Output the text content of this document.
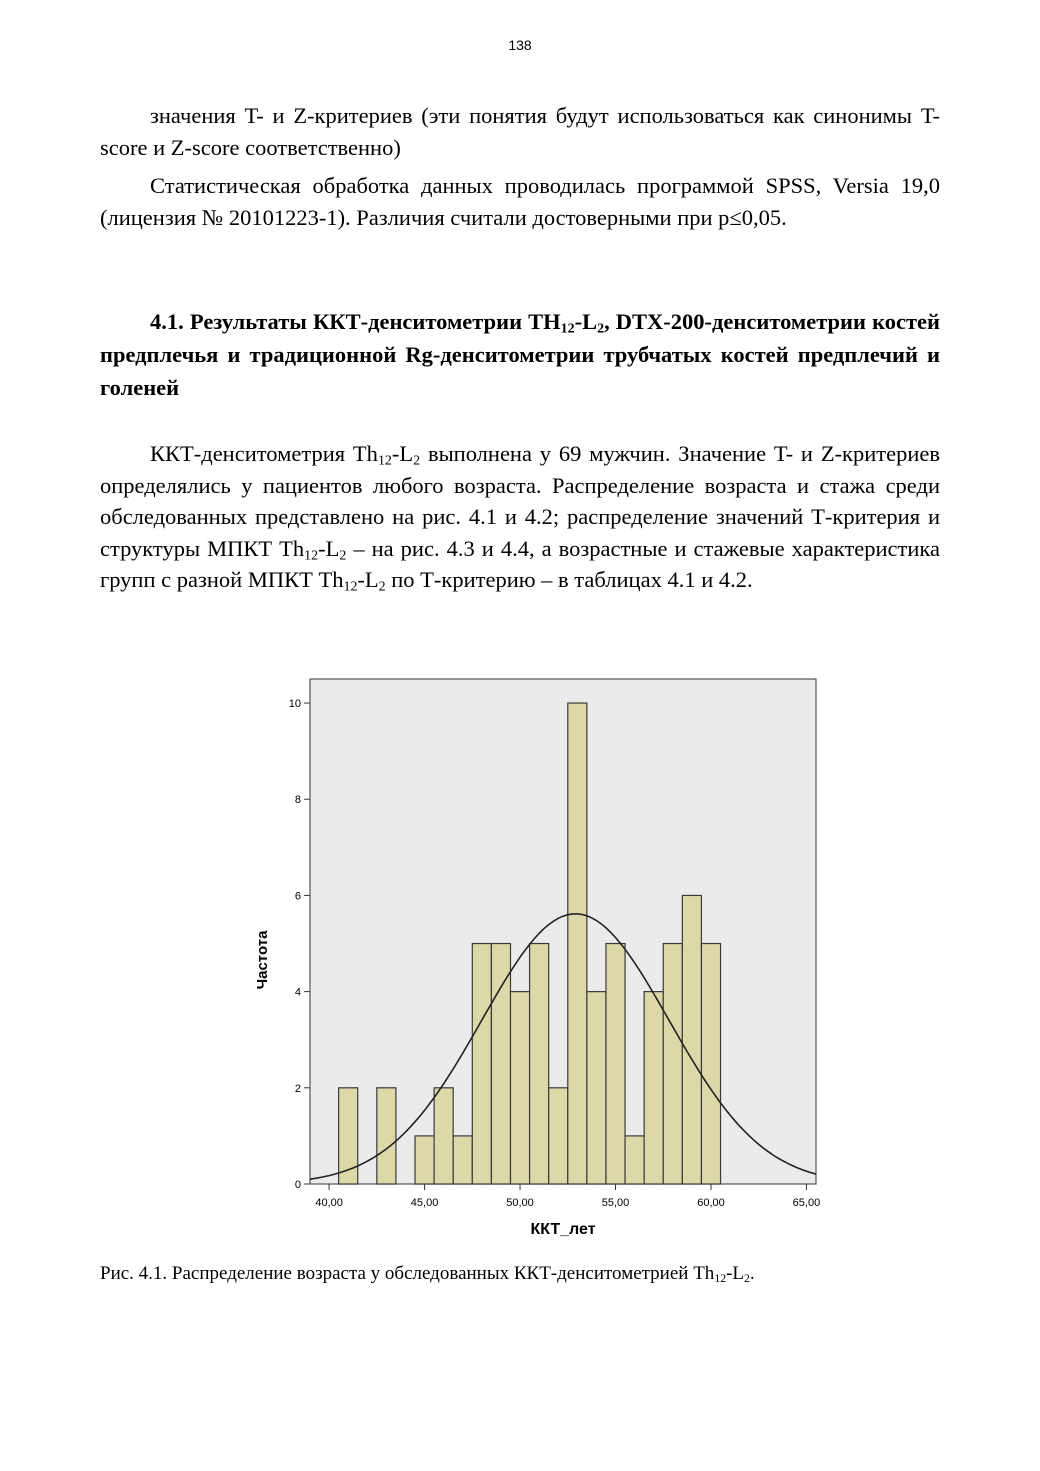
138

значения T- и Z-критериев (эти понятия будут использоваться как синонимы T-score и Z-score соответственно)

Статистическая обработка данных проводилась программой SPSS, Versia 19,0 (лицензия № 20101223-1). Различия считали достоверными при p≤0,05.

4.1. Результаты ККТ-денситометрии $TH_{12}-L_2$, DTX-200-денситометрии костей предплечья и традиционной Rg-денситометрии трубчатых костей предплечий и голеней

ККТ-денситометрия $Th_{12}-L_2$ выполнена у 69 мужчин. Значение T- и Z-критериев определялись у пациентов любого возраста. Распределение возраста и стажа среди обследованных представлено на рис. 4.1 и 4.2; распределение значений Т-критерия и структуры МПКТ $Th_{12}-L_2$ – на рис. 4.3 и 4.4, а возрастные и стажевые характеристика групп с разной МПКТ $Th_{12}-L_2$ по Т-критерию – в таблицах 4.1 и 4.2.

0
2
4
6
8
10
40,00	45,00	50,00	55,00	60,00	65,00
ККТ_лет
Частота
Рис. 4.1. Распределение возраста у обследованных ККТ-денситометрией $Th_{12}-L_2$.
